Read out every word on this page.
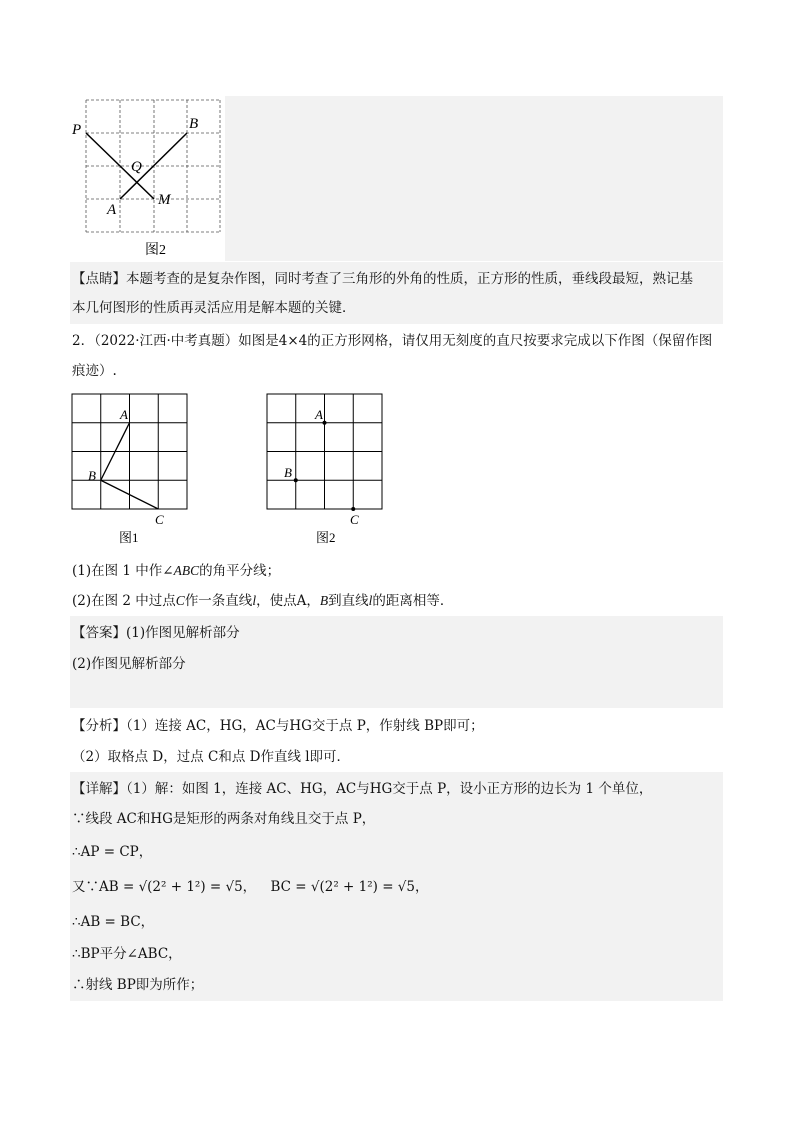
P	B
Q
A
M
图2
【点睛】本题考查的是复杂作图，同时考查了三角形的外角的性质，正方形的性质，垂线段最短，熟记基
本几何图形的性质再灵活应用是解本题的关键．
2．（2022·江西·中考真题）如图是4×4的正方形网格，请仅用无刻度的直尺按要求完成以下作图（保留作图
痕迹）.
A
B
C
图1
A
B
C
图2
(1)在图 1 中作∠ABC的角平分线；
(2)在图 2 中过点C作一条直线l，使点A，B到直线l的距离相等．
【答案】(1)作图见解析部分
(2)作图见解析部分
【分析】（1）连接 AC，HG，AC与HG交于点 P，作射线 BP即可；
（2）取格点 D，过点 C和点 D作直线 l即可．
【详解】（1）解：如图 1，连接 AC、HG，AC与HG交于点 P，设小正方形的边长为 1 个单位，
∵线段 AC和HG是矩形的两条对角线且交于点 P，
∴AP = CP，
又∵AB = √(2² + 1²) = √5， BC = √(2² + 1²) = √5，
∴AB = BC，
∴BP平分∠ABC，
∴射线 BP即为所作；
